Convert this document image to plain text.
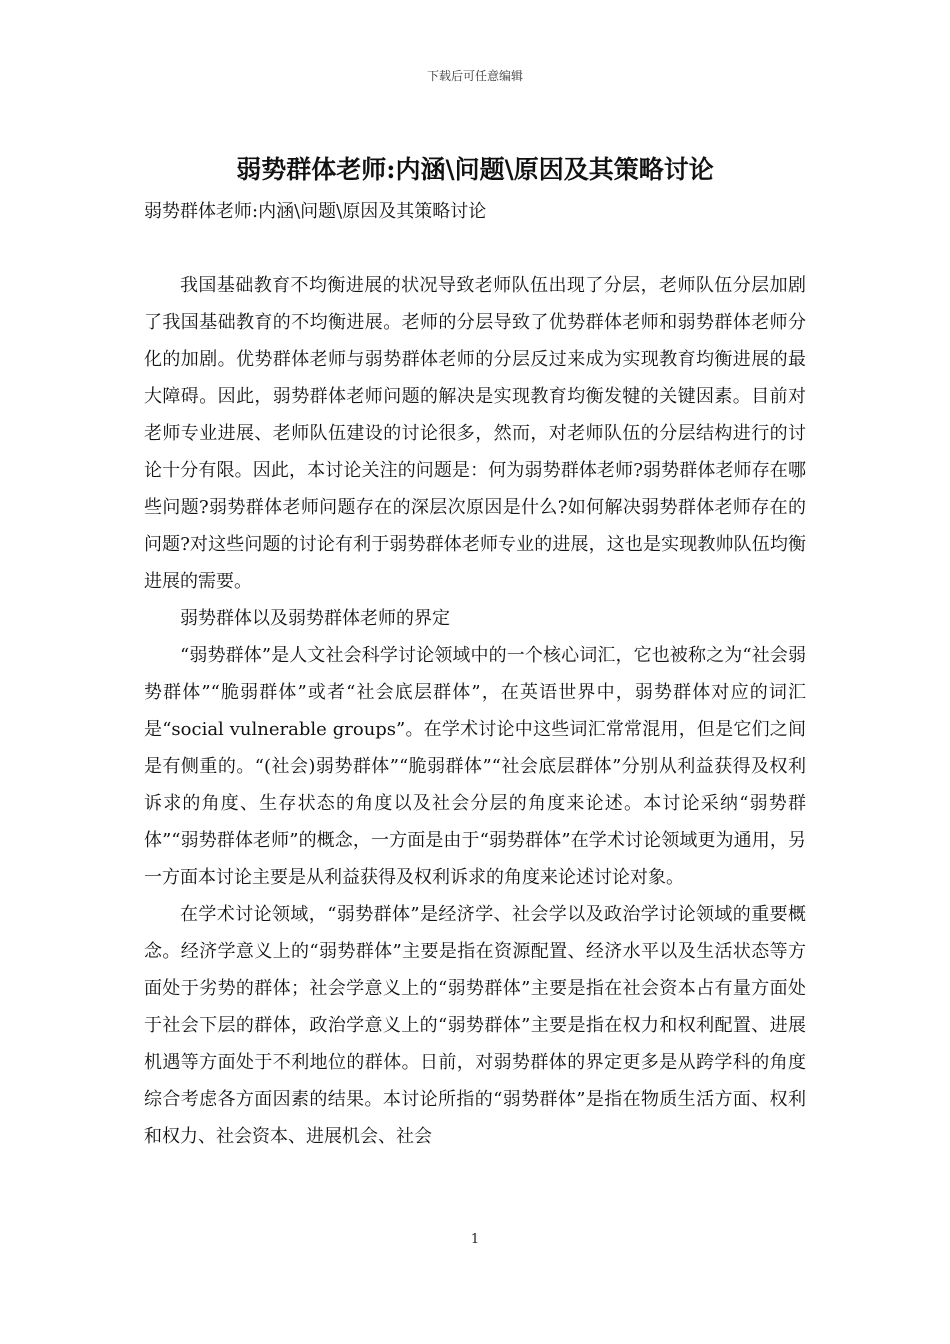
下载后可任意编辑
弱势群体老师:内涵\问题\原因及其策略讨论
弱势群体老师:内涵\问题\原因及其策略讨论

我国基础教育不均衡进展的状况导致老师队伍出现了分层，老师队伍分层加剧了我国基础教育的不均衡进展。老师的分层导致了优势群体老师和弱势群体老师分化的加剧。优势群体老师与弱势群体老师的分层反过来成为实现教育均衡进展的最大障碍。因此，弱势群体老师问题的解决是实现教育均衡发犍的关键因素。目前对老师专业进展、老师队伍建设的讨论很多，然而，对老师队伍的分层结构进行的讨论十分有限。因此，本讨论关注的问题是：何为弱势群体老师?弱势群体老师存在哪些问题?弱势群体老师问题存在的深层次原因是什么?如何解决弱势群体老师存在的问题?对这些问题的讨论有利于弱势群体老师专业的进展，这也是实现教帅队伍均衡进展的需要。

弱势群体以及弱势群体老师的界定

“弱势群体”是人文社会科学讨论领域中的一个核心词汇，它也被称之为“社会弱势群体”“脆弱群体”或者“社会底层群体”，在英语世界中，弱势群体对应的词汇是“social vulnerable groups”。在学术讨论中这些词汇常常混用，但是它们之间是有侧重的。“(社会)弱势群体”“脆弱群体”“社会底层群体”分别从利益获得及权利诉求的角度、生存状态的角度以及社会分层的角度来论述。本讨论采纳“弱势群体”“弱势群体老师”的概念，一方面是由于“弱势群体”在学术讨论领域更为通用，另一方面本讨论主要是从利益获得及权利诉求的角度来论述讨论对象。

在学术讨论领域，“弱势群体”是经济学、社会学以及政治学讨论领域的重要概念。经济学意义上的“弱势群体”主要是指在资源配置、经济水平以及生活状态等方面处于劣势的群体；社会学意义上的“弱势群体”主要是指在社会资本占有量方面处于社会下层的群体，政治学意义上的“弱势群体”主要是指在权力和权利配置、进展机遇等方面处于不利地位的群体。日前，对弱势群体的界定更多是从跨学科的角度综合考虑各方面因素的结果。本讨论所指的“弱势群体”是指在物质生活方面、权利和权力、社会资本、进展机会、社会

1
